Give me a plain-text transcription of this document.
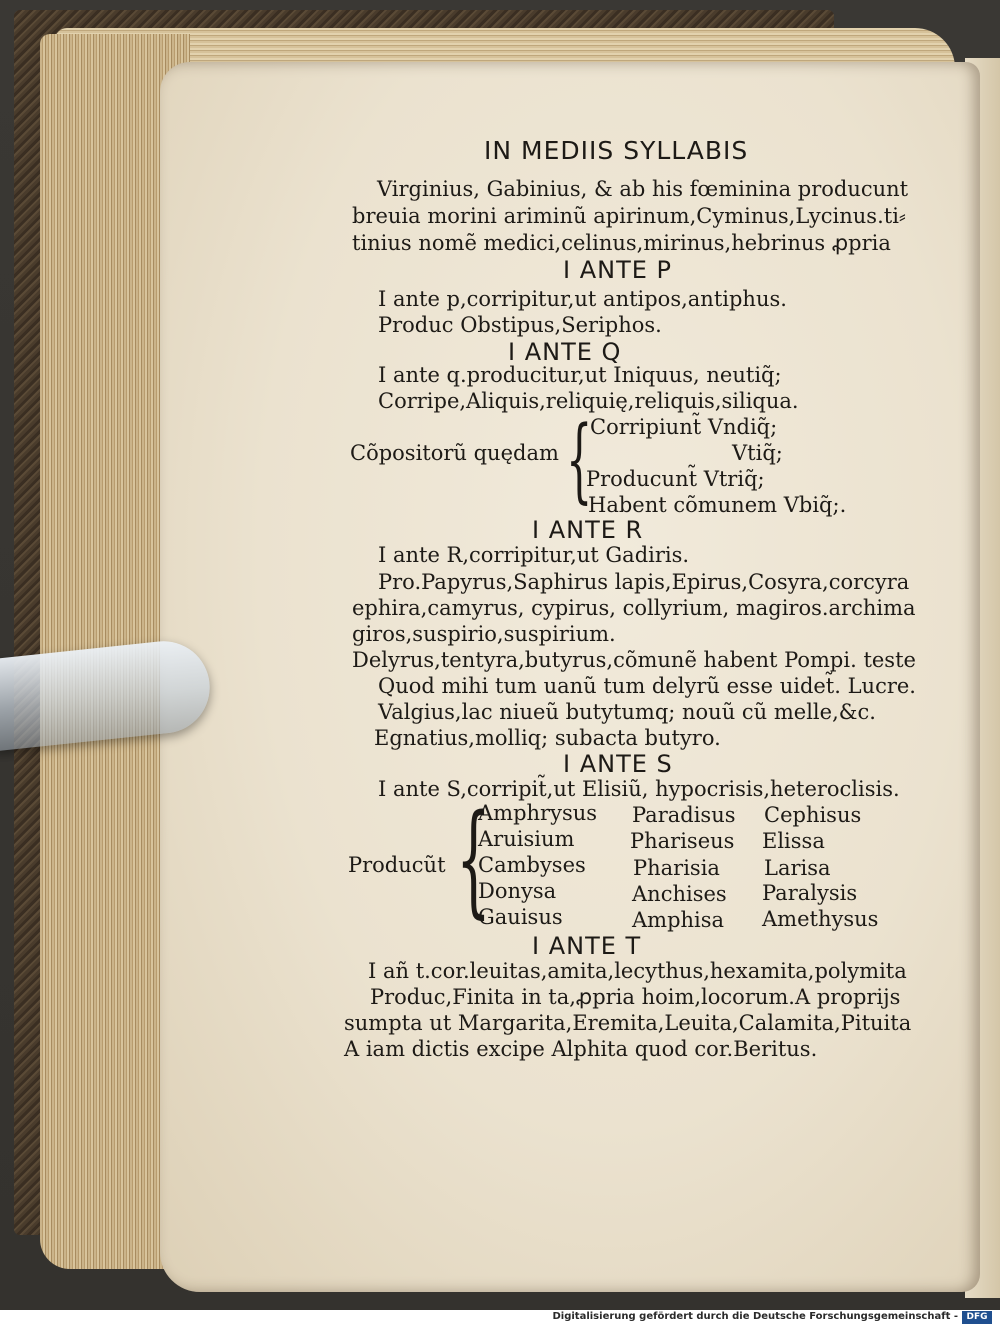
IN MEDIIS SYLLABIS
Virginius, Gabinius, & ab his fœminina producunt
breuia morini ariminũ apirinum,Cyminus,Lycinus.ti⸗
tinius nomẽ medici,celinus,mirinus,hebrinus ꝓpria
I ANTE P
I ante p,corripitur,ut antipos,antiphus.
Produc Obstipus,Seriphos.
I ANTE Q
I ante q.producitur,ut Iniquus, neutiq̃;
Corripe,Aliquis,reliquię,reliquis,siliqua.
Cõpositorũ quędam {
Corripiunt̃ Vndiq̃;
Vtiq̃;
Producunt̃ Vtriq̃;
Habent cõmunem Vbiq̃;.
I ANTE R
I ante R,corripitur,ut Gadiris.
Pro.Papyrus,Saphirus lapis,Epirus,Cosyra,corcyra
ephira,camyrus, cypirus, collyrium, magiros.archima
giros,suspirio,suspirium.
Delyrus,tentyra,butyrus,cõmunẽ habent Pompi. teste
Quod mihi tum uanũ tum delyrũ esse uidet̃. Lucre.
Valgius,lac niueũ butytumq; nouũ cũ melle,&c.
Egnatius,molliq; subacta butyro.
I ANTE S
I ante S,corripit̃,ut Elisiũ, hypocrisis,heteroclisis.
Producũt {
Amphrysus
Aruisium
Cambyses
Donysa
Gauisus
Paradisus
Phariseus
Pharisia
Anchises
Amphisa
Cephisus
Elissa
Larisa
Paralysis
Amethysus
I ANTE T
I añ t.cor.leuitas,amita,lecythus,hexamita,polymita
Produc,Finita in ta,ꝓpria hoim,locorum.A proprijs
sumpta ut Margarita,Eremita,Leuita,Calamita,Pituita
A iam dictis excipe Alphita quod cor.Beritus.
Digitalisierung gefördert durch die Deutsche Forschungsgemeinschaft - DFG
